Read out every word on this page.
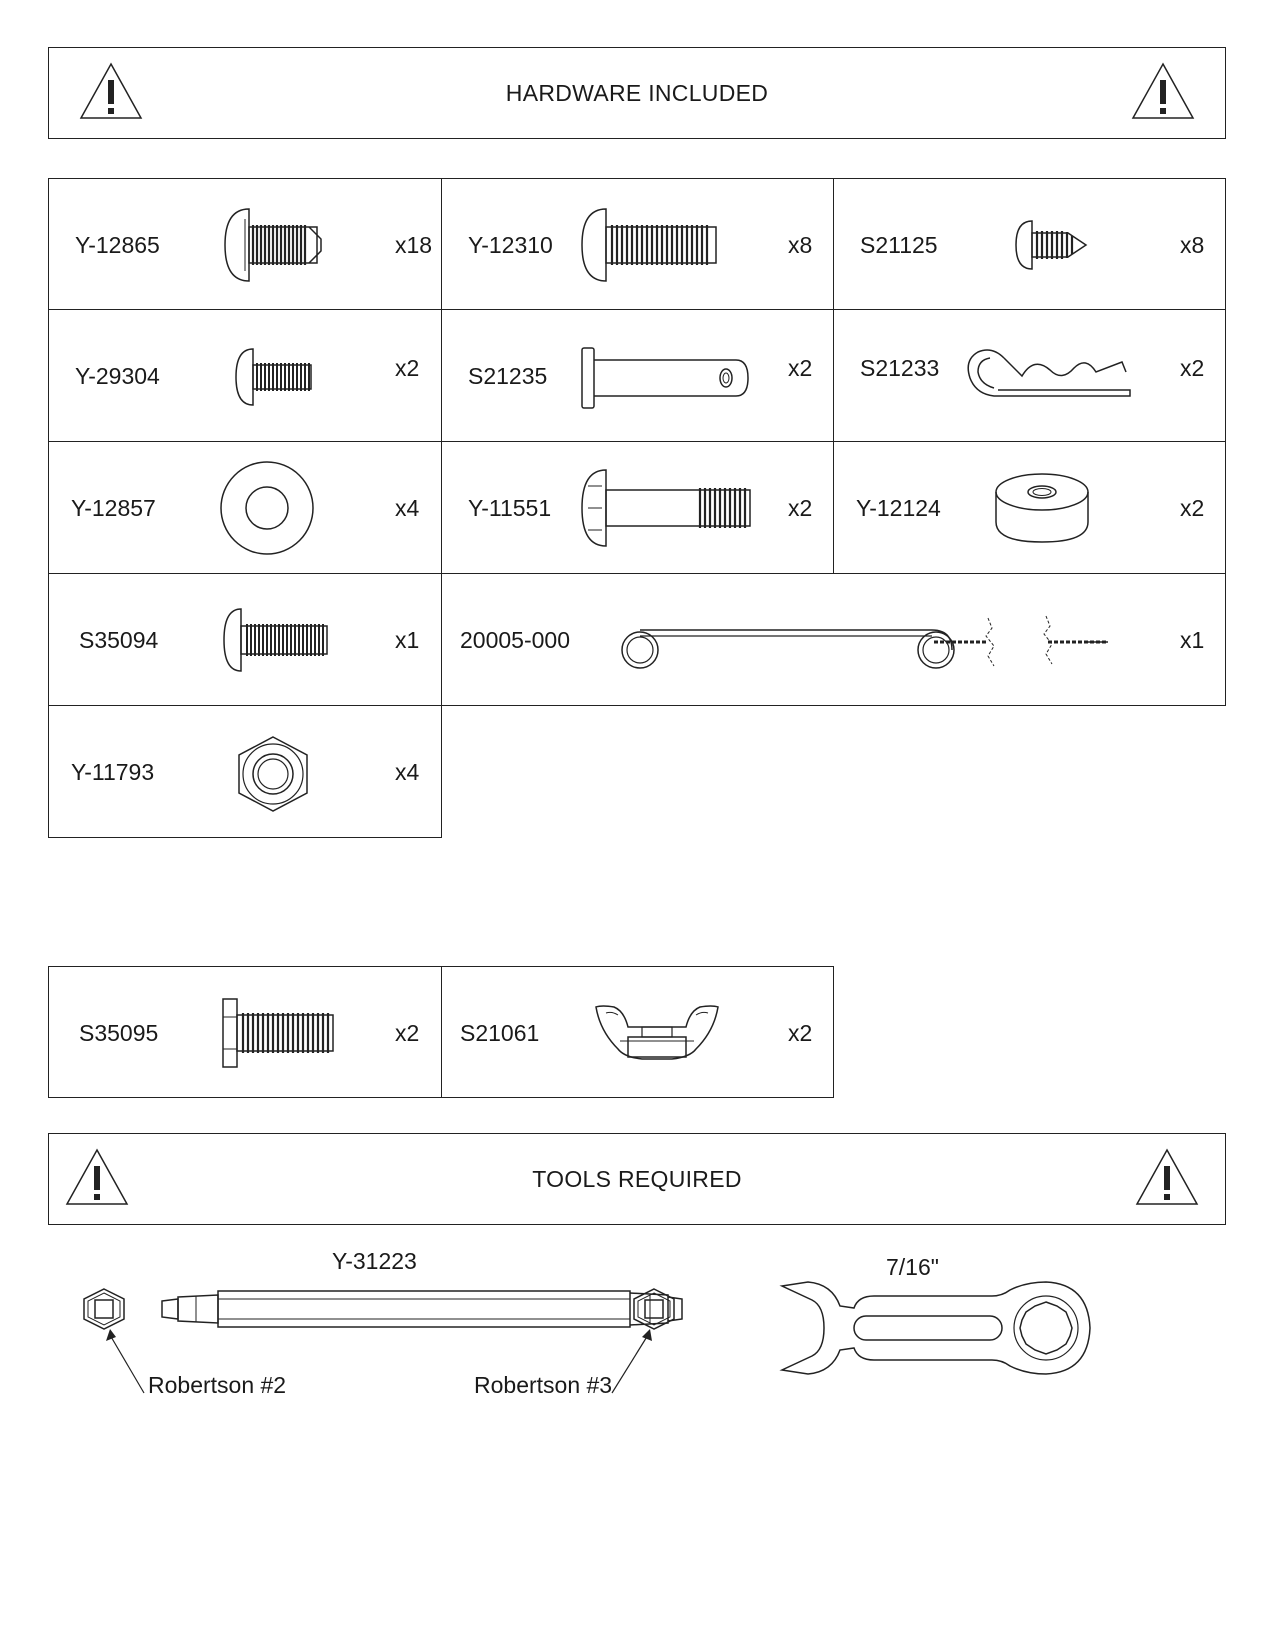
HARDWARE INCLUDED
Y-12865	x18 Y-12310	x8 S21125	x8
Y-29304	x2 S21235	x2 S21233	x2
Y-12857	x4 Y-11551	x2 Y-12124	x2
S35094	x1 20005-000	x1
Y-11793	x4
S35095	x2 S21061	x2
TOOLS REQUIRED
Y-31223
Robertson #2	Robertson #3
7/16"
